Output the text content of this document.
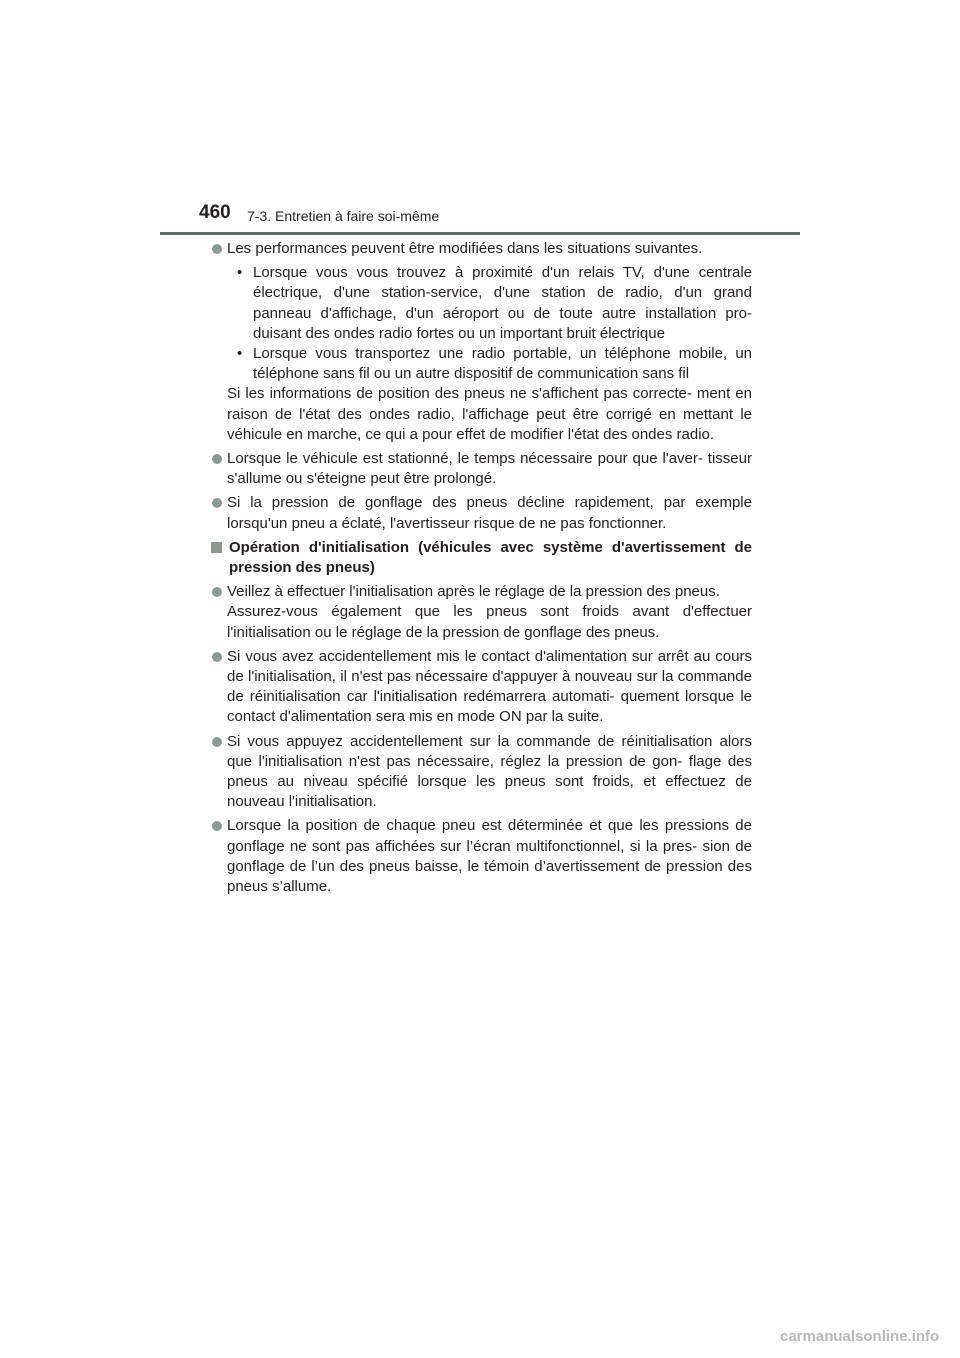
460 7-3. Entretien à faire soi-même
Les performances peuvent être modifiées dans les situations suivantes.
• Lorsque vous vous trouvez à proximité d'un relais TV, d'une centrale électrique, d'une station-service, d'une station de radio, d'un grand panneau d'affichage, d'un aéroport ou de toute autre installation pro- duisant des ondes radio fortes ou un important bruit électrique
• Lorsque vous transportez une radio portable, un téléphone mobile, un téléphone sans fil ou un autre dispositif de communication sans fil
Si les informations de position des pneus ne s'affichent pas correcte- ment en raison de l'état des ondes radio, l'affichage peut être corrigé en mettant le véhicule en marche, ce qui a pour effet de modifier l'état des ondes radio.
Lorsque le véhicule est stationné, le temps nécessaire pour que l'aver- tisseur s'allume ou s'éteigne peut être prolongé.
Si la pression de gonflage des pneus décline rapidement, par exemple lorsqu'un pneu a éclaté, l'avertisseur risque de ne pas fonctionner.
Opération d'initialisation (véhicules avec système d'avertissement de pression des pneus)
Veillez à effectuer l'initialisation après le réglage de la pression des pneus.
Assurez-vous également que les pneus sont froids avant d'effectuer l'initialisation ou le réglage de la pression de gonflage des pneus.
Si vous avez accidentellement mis le contact d'alimentation sur arrêt au cours de l'initialisation, il n'est pas nécessaire d'appuyer à nouveau sur la commande de réinitialisation car l'initialisation redémarrera automati- quement lorsque le contact d'alimentation sera mis en mode ON par la suite.
Si vous appuyez accidentellement sur la commande de réinitialisation alors que l'initialisation n'est pas nécessaire, réglez la pression de gon- flage des pneus au niveau spécifié lorsque les pneus sont froids, et effectuez de nouveau l'initialisation.
Lorsque la position de chaque pneu est déterminée et que les pressions de gonflage ne sont pas affichées sur l’écran multifonctionnel, si la pres- sion de gonflage de l’un des pneus baisse, le témoin d’avertissement de pression des pneus s’allume.
carmanualsonline.info
